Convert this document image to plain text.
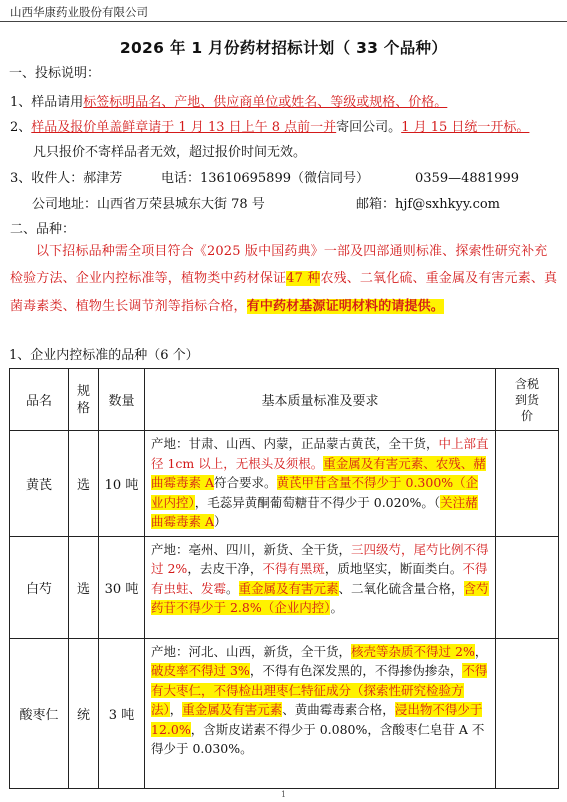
山西华康药业股份有限公司
2026 年 1 月份药材招标计划（ 33 个品种）
一、投标说明：
1、样品请用标签标明品名、产地、供应商单位或姓名、等级或规格、价格。
2、样品及报价单盖鲜章请于 1 月 13 日上午 8 点前一并寄回公司。1 月 15 日统一开标。
凡只报价不寄样品者无效，超过报价时间无效。
3、收件人：郝津芳	电话：13610695899（微信同号）	0359—4881999
公司地址：山西省万荣县城东大街 78 号	邮箱：hjf@sxhkyy.com
二、品种：
以下招标品种需全项目符合《2025 版中国药典》一部及四部通则标准、探索性研究补充检验方法、企业内控标准等，植物类中药材保证47 种农残、二氧化硫、重金属及有害元素、真菌毒素类、植物生长调节剂等指标合格，有中药材基源证明材料的请提供。
1、企业内控标准的品种（6 个）
品名	规格	数量	基本质量标准及要求	含税到货价

黄芪	选	10 吨	产地：甘肃、山西、内蒙，正品蒙古黄芪，全干货，中上部直径 1cm 以上，无根头及须根。重金属及有害元素、农残、赭曲霉毒素 A符合要求。黄芪甲苷含量不得少于 0.300%（企业内控），毛蕊异黄酮葡萄糖苷不得少于 0.020%。（关注赭曲霉毒素 A）	
白芍	选	30 吨	产地：亳州、四川，新货、全干货，三四级芍，尾芍比例不得过 2%，去皮干净，不得有黑斑，质地坚实，断面类白。不得有虫蛀、发霉。重金属及有害元素、二氧化硫含量合格，含芍药苷不得少于 2.8%（企业内控）。	
酸枣仁	统	3 吨	产地：河北、山西，新货，全干货，核壳等杂质不得过 2%，破皮率不得过 3%，不得有色深发黑的，不得掺伪掺杂，不得有大枣仁，不得检出理枣仁特征成分（探索性研究检验方法），重金属及有害元素、黄曲霉毒素合格，浸出物不得少于 12.0%，含斯皮诺素不得少于 0.080%，含酸枣仁皂苷 A 不得少于 0.030%。	
1
